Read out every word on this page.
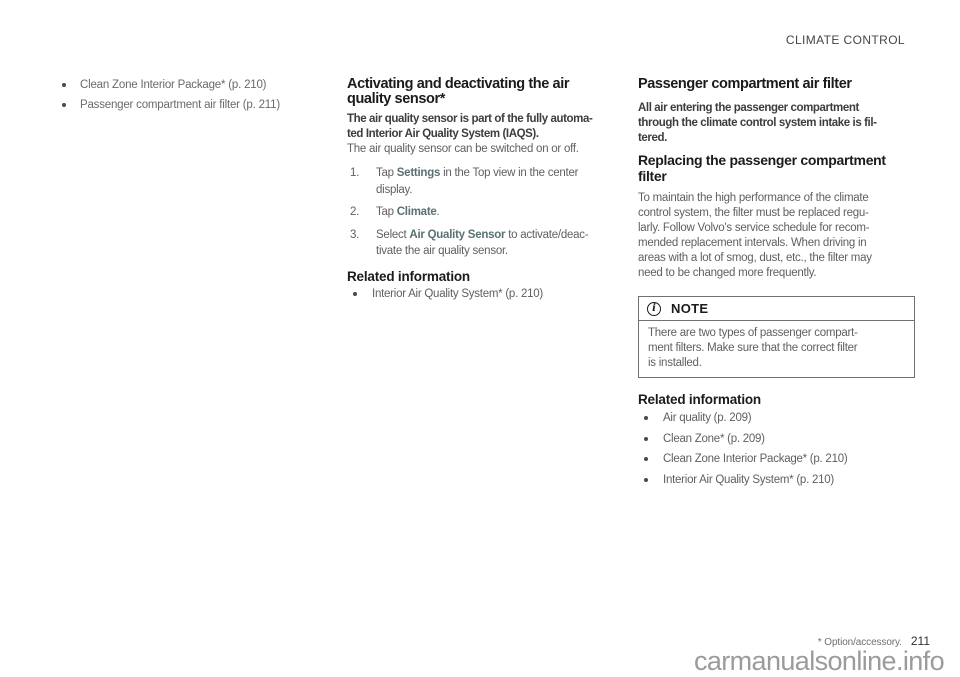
CLIMATE CONTROL
Clean Zone Interior Package* (p. 210)
Passenger compartment air filter (p. 211)
Activating and deactivating the air
quality sensor*
The air quality sensor is part of the fully automa-
ted Interior Air Quality System (IAQS).
The air quality sensor can be switched on or off.
1.	Tap Settings in the Top view in the center
display.
2.	Tap Climate.
3.	Select Air Quality Sensor to activate/deac-
tivate the air quality sensor.
Related information
Interior Air Quality System* (p. 210)
Passenger compartment air filter
All air entering the passenger compartment
through the climate control system intake is fil-
tered.
Replacing the passenger compartment
filter
To maintain the high performance of the climate
control system, the filter must be replaced regu-
larly. Follow Volvo's service schedule for recom-
mended replacement intervals. When driving in
areas with a lot of smog, dust, etc., the filter may
need to be changed more frequently.
i
NOTE
There are two types of passenger compart-
ment filters. Make sure that the correct filter
is installed.
Related information
Air quality (p. 209)
Clean Zone* (p. 209)
Clean Zone Interior Package* (p. 210)
Interior Air Quality System* (p. 210)
* Option/accessory. 211
carmanualsonline.info
